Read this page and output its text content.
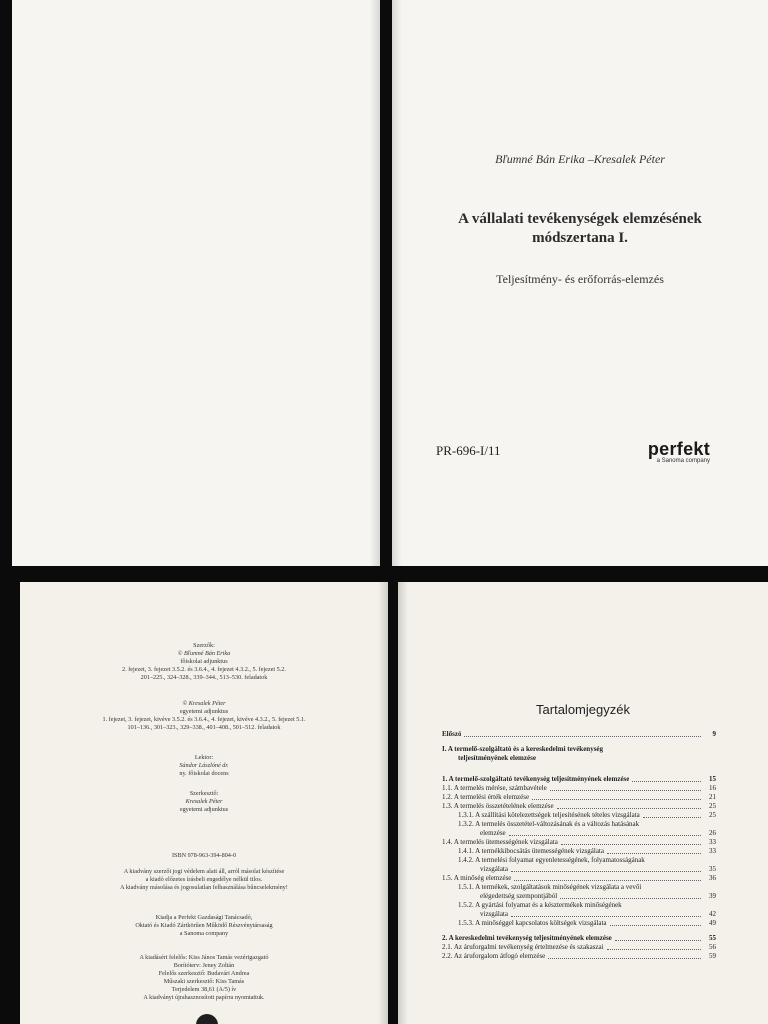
Bľumné Bán Erika –Kresalek Péter
A vállalati tevékenységek elemzésének
módszertana I.
Teljesítmény- és erőforrás-elemzés
PR-696-I/11	perfekt
a Sanoma company
Szerzők:
© Bľumné Bán Erika
főiskolai adjunktus
2. fejezet, 3. fejezet 3.5.2. és 3.6.4., 4. fejezet 4.3.2., 5. fejezet 5.2.
201–225., 324–328., 339–344., 513–530. feladatok
© Kresalek Péter
egyetemi adjunktus
1. fejezet, 3. fejezet, kivéve 3.5.2. és 3.6.4., 4. fejezet, kivéve 4.3.2., 5. fejezet 5.1.
101–136., 301–323., 329–338., 401–408., 501–512. feladatok
Lektor:
Sándor Lászlóné dr.
ny. főiskolai docens
Szerkesztő:
Kresalek Péter
egyetemi adjunktus
ISBN 978-963-394-804-0
A kiadvány szerzői jogi védelem alatt áll, arról másolat készítése
a kiadó előzetes írásbeli engedélye nélkül tilos.
A kiadvány másolása és jogosulatlan felhasználása bűncselekmény!
Kiadja a Perfekt Gazdasági Tanácsadó,
Oktató és Kiadó Zártkörűen Működő Részvénytársaság
a Sanoma company
A kiadásért felelős: Kiss János Tamás vezérigazgató
Borítóterv: Jeney Zoltán
Felelős szerkesztő: Budavári Andrea
Műszaki szerkesztő: Kiss Tamás
Terjedelem 38,61 (A/5) ív
A kiadványt újrahasznosított papírra nyomtattuk.
Tartalomjegyzék
Előszó	9
I. A termelő-szolgáltató és a kereskedelmi tevékenység
teljesítményének elemzése
1. A termelő-szolgáltató tevékenység teljesítményének elemzése	15
1.1. A termelés mérése, számbavétele	16
1.2. A termelési érték elemzése	21
1.3. A termelés összetételének elemzése	25
1.3.1. A szállítási kötelezettségek teljesítésének tételes vizsgálata	25
1.3.2. A termelés összetétel-változásának és a változás hatásának
elemzése	26
1.4. A termelés ütemességének vizsgálata	33
1.4.1. A termékkibocsátás ütemességének vizsgálata	33
1.4.2. A termelési folyamat egyenletességének, folyamatosságának
vizsgálata	35
1.5. A minőség elemzése	36
1.5.1. A termékek, szolgáltatások minőségének vizsgálata a vevői
elégedettség szempontjából	39
1.5.2. A gyártási folyamat és a késztermékek minőségének
vizsgálata	42
1.5.3. A minőséggel kapcsolatos költségek vizsgálata	49
2. A kereskedelmi tevékenység teljesítményének elemzése	55
2.1. Az áruforgalmi tevékenység értelmezése és szakaszai	56
2.2. Az áruforgalom átfogó elemzése	59
